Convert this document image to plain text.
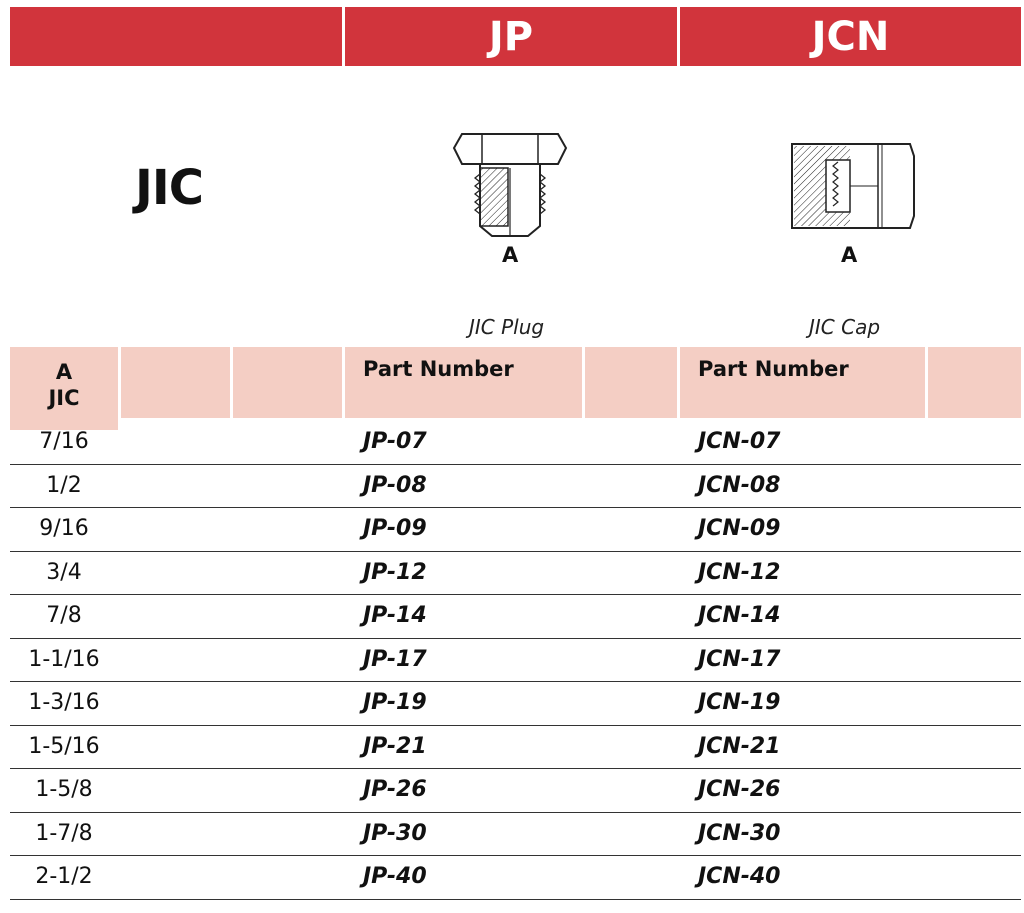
JP	JCN
JIC
A
JIC Plug
A
JIC Cap
A
JIC
Part Number	Part Number
7/16	JP-07	JCN-07
1/2	JP-08	JCN-08
9/16	JP-09	JCN-09
3/4	JP-12	JCN-12
7/8	JP-14	JCN-14
1-1/16	JP-17	JCN-17
1-3/16	JP-19	JCN-19
1-5/16	JP-21	JCN-21
1-5/8	JP-26	JCN-26
1-7/8	JP-30	JCN-30
2-1/2	JP-40	JCN-40
